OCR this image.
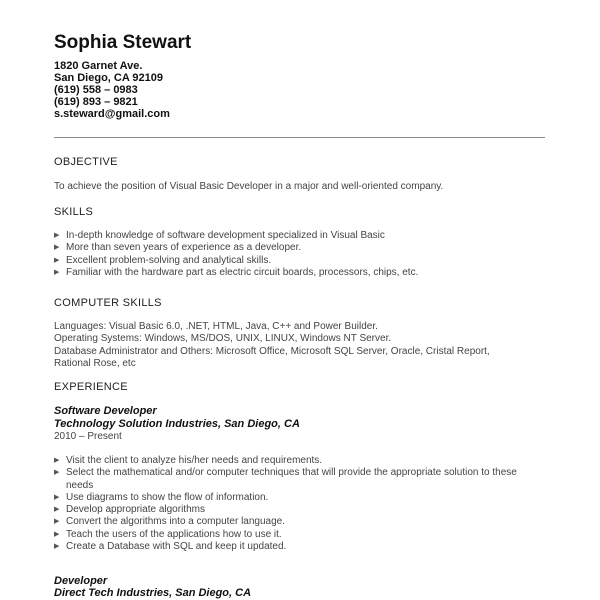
Sophia Stewart
1820 Garnet Ave.
San Diego, CA 92109
(619) 558 – 0983
(619) 893 – 9821
s.steward@gmail.com
OBJECTIVE
To achieve the position of Visual Basic Developer in a major and well-oriented company.
SKILLS
▶ In-depth knowledge of software development specialized in Visual Basic
▶ More than seven years of experience as a developer.
▶ Excellent problem-solving and analytical skills.
▶ Familiar with the hardware part as electric circuit boards, processors, chips, etc.
COMPUTER SKILLS
Languages: Visual Basic 6.0, .NET, HTML, Java, C++ and Power Builder.
Operating Systems: Windows, MS/DOS, UNIX, LINUX, Windows NT Server.
Database Administrator and Others: Microsoft Office, Microsoft SQL Server, Oracle, Cristal Report,
Rational Rose, etc
EXPERIENCE
Software Developer
Technology Solution Industries, San Diego, CA
2010 – Present
▶ Visit the client to analyze his/her needs and requirements.
▶ Select the mathematical and/or computer techniques that will provide the appropriate solution to these needs
▶ Use diagrams to show the flow of information.
▶ Develop appropriate algorithms
▶ Convert the algorithms into a computer language.
▶ Teach the users of the applications how to use it.
▶ Create a Database with SQL and keep it updated.
Developer
Direct Tech Industries, San Diego, CA
